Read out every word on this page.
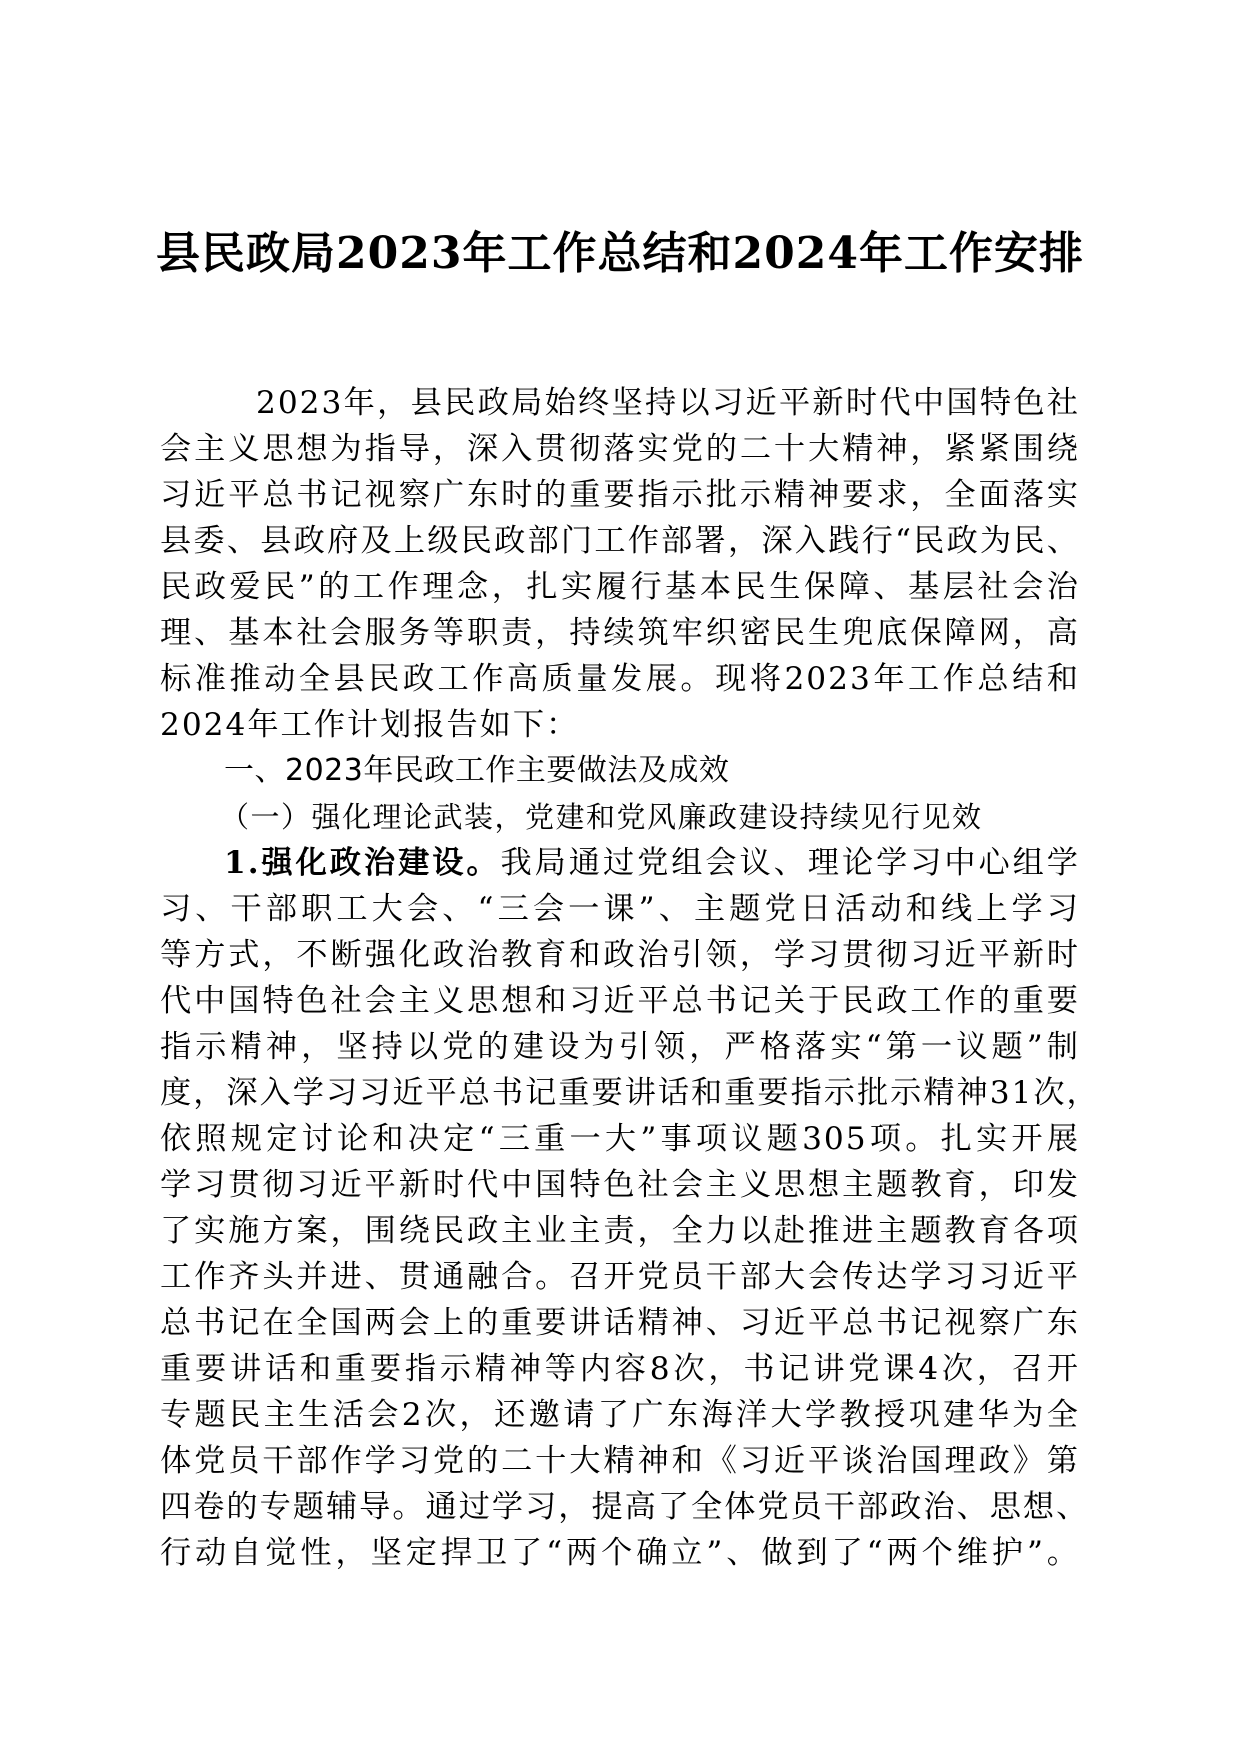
县民政局2023年工作总结和2024年工作安排
2023年，县民政局始终坚持以习近平新时代中国特色社
会主义思想为指导，深入贯彻落实党的二十大精神，紧紧围绕
习近平总书记视察广东时的重要指示批示精神要求，全面落实
县委、县政府及上级民政部门工作部署，深入践行“民政为民、
民政爱民”的工作理念，扎实履行基本民生保障、基层社会治
理、基本社会服务等职责，持续筑牢织密民生兜底保障网，高
标准推动全县民政工作高质量发展。现将2023年工作总结和
2024年工作计划报告如下：
一、2023年民政工作主要做法及成效
（一）强化理论武装，党建和党风廉政建设持续见行见效
1.强化政治建设。我局通过党组会议、理论学习中心组学
习、干部职工大会、“三会一课”、主题党日活动和线上学习
等方式，不断强化政治教育和政治引领，学习贯彻习近平新时
代中国特色社会主义思想和习近平总书记关于民政工作的重要
指示精神，坚持以党的建设为引领，严格落实“第一议题”制
度，深入学习习近平总书记重要讲话和重要指示批示精神31次，
依照规定讨论和决定“三重一大”事项议题305项。扎实开展
学习贯彻习近平新时代中国特色社会主义思想主题教育，印发
了实施方案，围绕民政主业主责，全力以赴推进主题教育各项
工作齐头并进、贯通融合。召开党员干部大会传达学习习近平
总书记在全国两会上的重要讲话精神、习近平总书记视察广东
重要讲话和重要指示精神等内容8次，书记讲党课4次，召开
专题民主生活会2次，还邀请了广东海洋大学教授巩建华为全
体党员干部作学习党的二十大精神和《习近平谈治国理政》第
四卷的专题辅导。通过学习，提高了全体党员干部政治、思想、
行动自觉性，坚定捍卫了“两个确立”、做到了“两个维护”。
